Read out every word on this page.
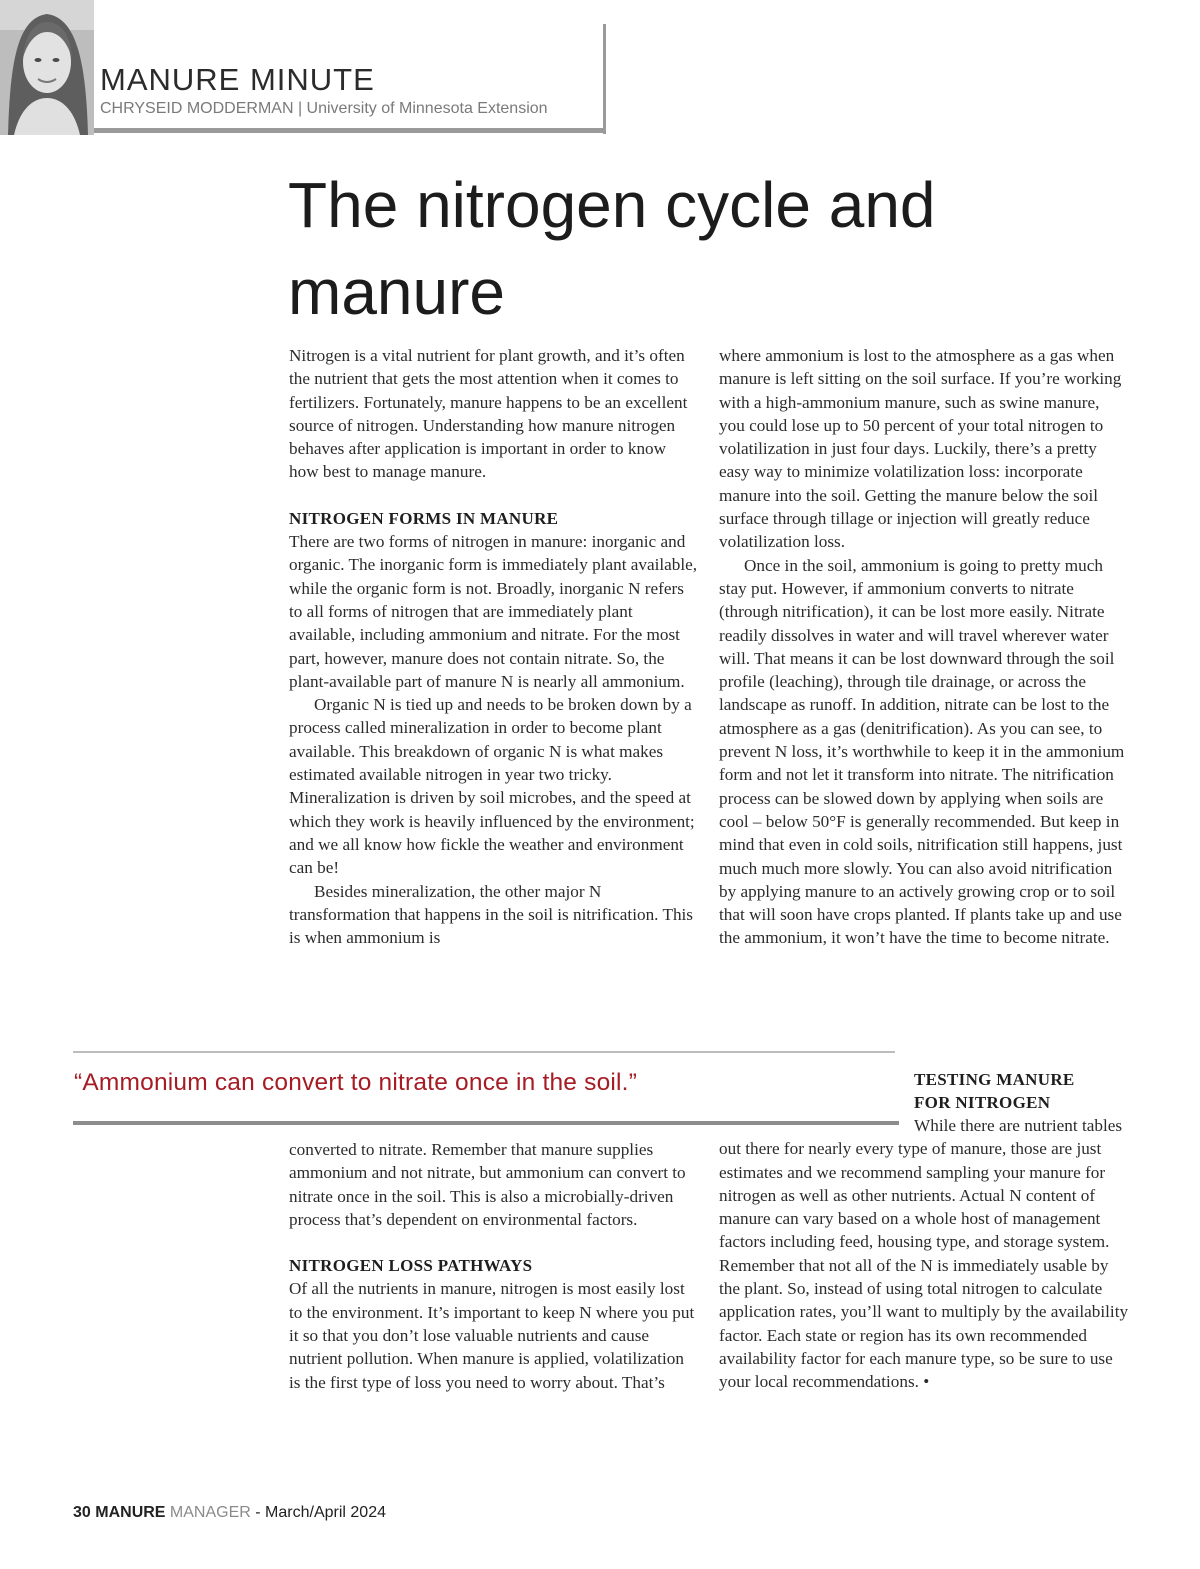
MANURE MINUTE
CHRYSEID MODDERMAN | University of Minnesota Extension
The nitrogen cycle and manure

Nitrogen is a vital nutrient for plant growth, and it’s often the nutrient that gets the most attention when it comes to fertilizers. Fortunately, manure happens to be an excellent source of nitrogen. Understanding how manure nitrogen behaves after application is important in order to know how best to manage manure.

NITROGEN FORMS IN MANURE

There are two forms of nitrogen in manure: inorganic and organic. The inorganic form is immediately plant available, while the organic form is not. Broadly, inorganic N refers to all forms of nitrogen that are immediately plant available, including ammonium and nitrate. For the most part, however, manure does not contain nitrate. So, the plant-available part of manure N is nearly all ammonium.

Organic N is tied up and needs to be broken down by a process called mineralization in order to become plant available. This breakdown of organic N is what makes estimated available nitrogen in year two tricky. Mineralization is driven by soil microbes, and the speed at which they work is heavily influenced by the environment; and we all know how fickle the weather and environment can be!

Besides mineralization, the other major N transformation that happens in the soil is nitrification. This is when ammonium is

where ammonium is lost to the atmosphere as a gas when manure is left sitting on the soil surface. If you’re working with a high-ammonium manure, such as swine manure, you could lose up to 50 percent of your total nitrogen to volatilization in just four days. Luckily, there’s a pretty easy way to minimize volatilization loss: incorporate manure into the soil. Getting the manure below the soil surface through tillage or injection will greatly reduce volatilization loss.

Once in the soil, ammonium is going to pretty much stay put. However, if ammonium converts to nitrate (through nitrification), it can be lost more easily. Nitrate readily dissolves in water and will travel wherever water will. That means it can be lost downward through the soil profile (leaching), through tile drainage, or across the landscape as runoff. In addition, nitrate can be lost to the atmosphere as a gas (denitrification). As you can see, to prevent N loss, it’s worthwhile to keep it in the ammonium form and not let it transform into nitrate. The nitrification process can be slowed down by applying when soils are cool – below 50°F is generally recommended. But keep in mind that even in cold soils, nitrification still happens, just much much more slowly. You can also avoid nitrification by applying manure to an actively growing crop or to soil that will soon have crops planted. If plants take up and use the ammonium, it won’t have the time to become nitrate.

“Ammonium can convert to nitrate once in the soil.”

converted to nitrate. Remember that manure supplies ammonium and not nitrate, but ammonium can convert to nitrate once in the soil. This is also a microbially-driven process that’s dependent on environmental factors.

NITROGEN LOSS PATHWAYS

Of all the nutrients in manure, nitrogen is most easily lost to the environment. It’s important to keep N where you put it so that you don’t lose valuable nutrients and cause nutrient pollution. When manure is applied, volatilization is the first type of loss you need to worry about. That’s

TESTING MANURE FOR NITROGEN

While there are nutrient tables out there for nearly every type of manure, those are just estimates and we recommend sampling your manure for nitrogen as well as other nutrients. Actual N content of manure can vary based on a whole host of management factors including feed, housing type, and storage system. Remember that not all of the N is immediately usable by the plant. So, instead of using total nitrogen to calculate application rates, you’ll want to multiply by the availability factor. Each state or region has its own recommended availability factor for each manure type, so be sure to use your local recommendations. •

30 MANURE MANAGER - March/April 2024
